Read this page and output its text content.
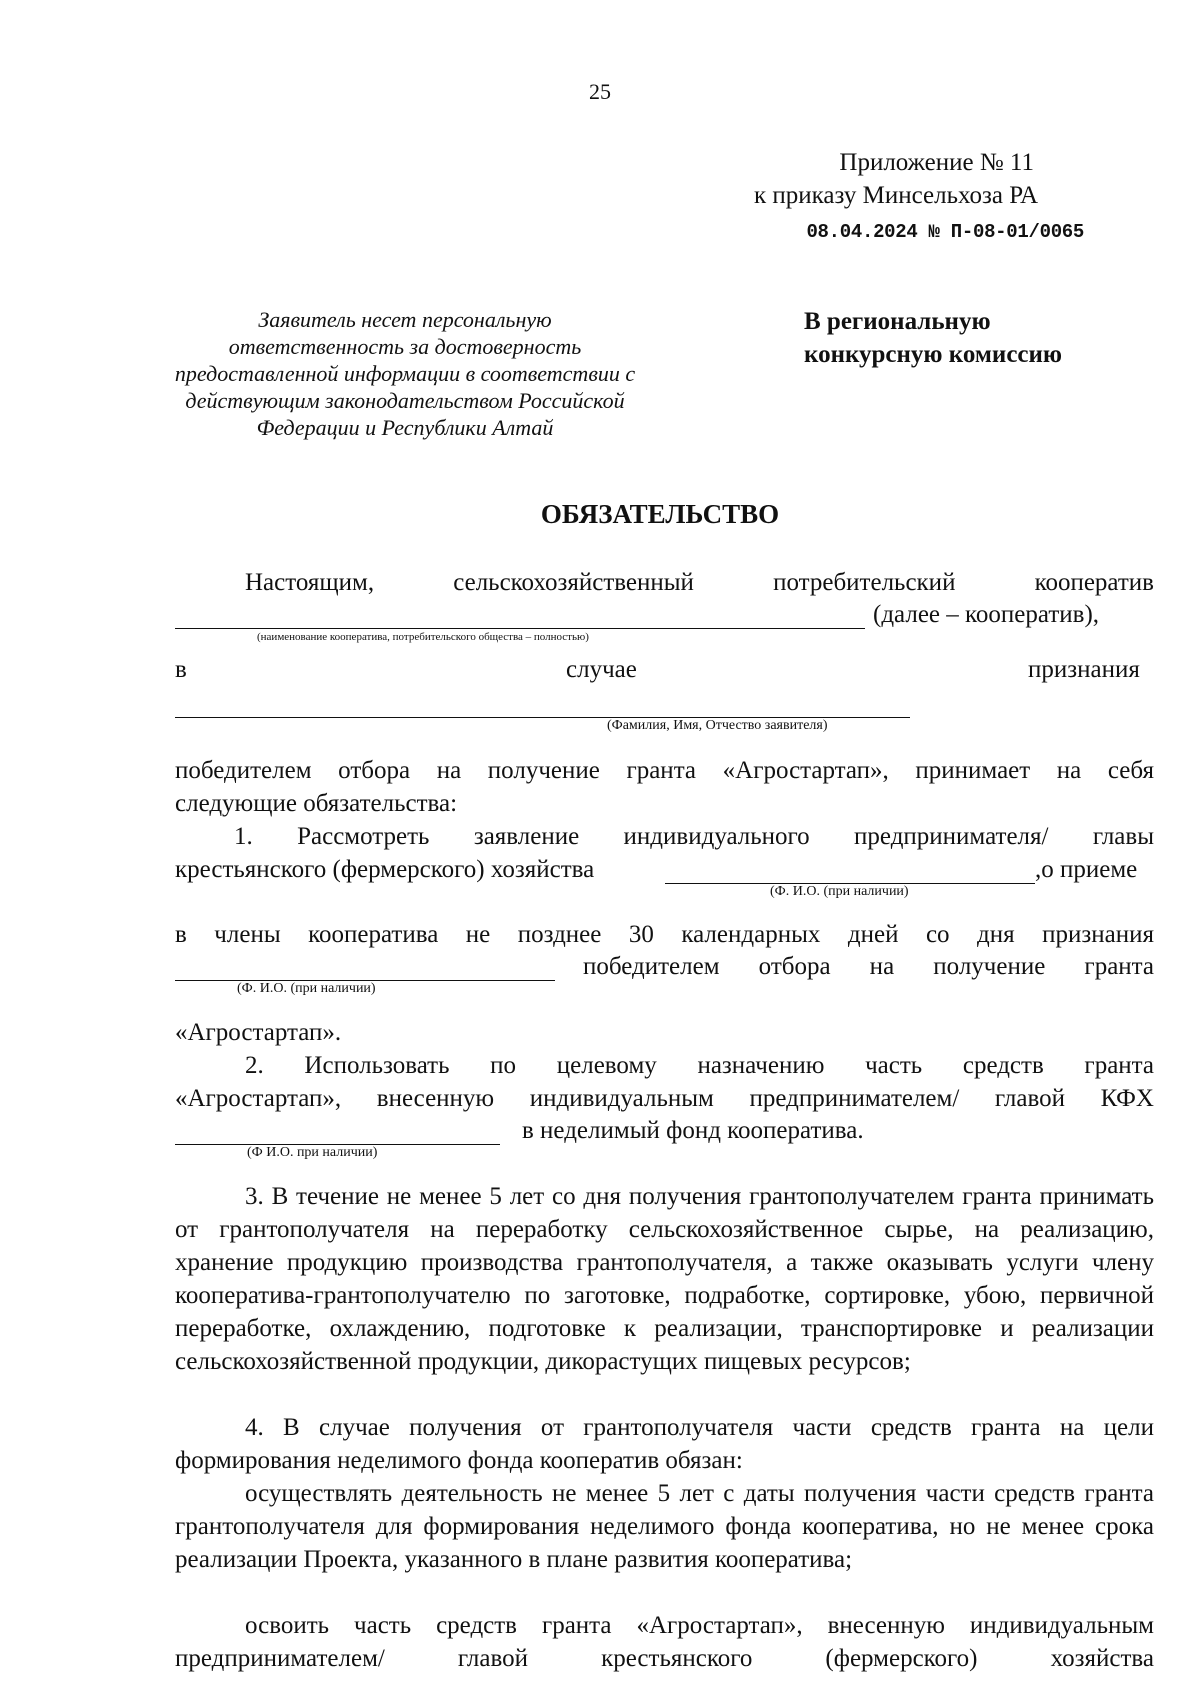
25
Приложение № 11
к приказу Минсельхоза РА
08.04.2024 № П-08-01/0065
Заявитель несет персональную ответственность за достоверность предоставленной информации в соответствии с действующим законодательством Российской Федерации и Республики Алтай
В региональную
конкурсную комиссию
ОБЯЗАТЕЛЬСТВО
Настоящим, сельскохозяйственный потребительский кооператив
(далее – кооператив),
(наименование кооператива, потребительского общества – полностью)
в	случае	признания
(Фамилия, Имя, Отчество заявителя)
победителем отбора на получение гранта «Агростартап», принимает на себя
следующие обязательства:
1. Рассмотреть заявление индивидуального предпринимателя/ главы
крестьянского (фермерского) хозяйства	,о приеме
(Ф. И.О. (при наличии)
в члены кооператива не позднее 30 календарных дней со дня признания
победителем отбора на получение гранта
(Ф. И.О. (при наличии)
«Агростартап».
2. Использовать по целевому назначению часть средств гранта
«Агростартап», внесенную индивидуальным предпринимателем/ главой КФХ
в неделимый фонд кооператива.
(Ф И.О. при наличии)
3. В течение не менее 5 лет со дня получения грантополучателем гранта принимать от грантополучателя на переработку сельскохозяйственное сырье, на реализацию, хранение продукцию производства грантополучателя, а также оказывать услуги члену кооператива-грантополучателю по заготовке, подработке, сортировке, убою, первичной переработке, охлаждению, подготовке к реализации, транспортировке и реализации сельскохозяйственной продукции, дикорастущих пищевых ресурсов;
4. В случае получения от грантополучателя части средств гранта на цели формирования неделимого фонда кооператив обязан:
осуществлять деятельность не менее 5 лет с даты получения части средств гранта грантополучателя для формирования неделимого фонда кооператива, но не менее срока реализации Проекта, указанного в плане развития кооператива;
освоить часть средств гранта «Агростартап», внесенную индивидуальным предпринимателем/ главой крестьянского (фермерского) хозяйства
